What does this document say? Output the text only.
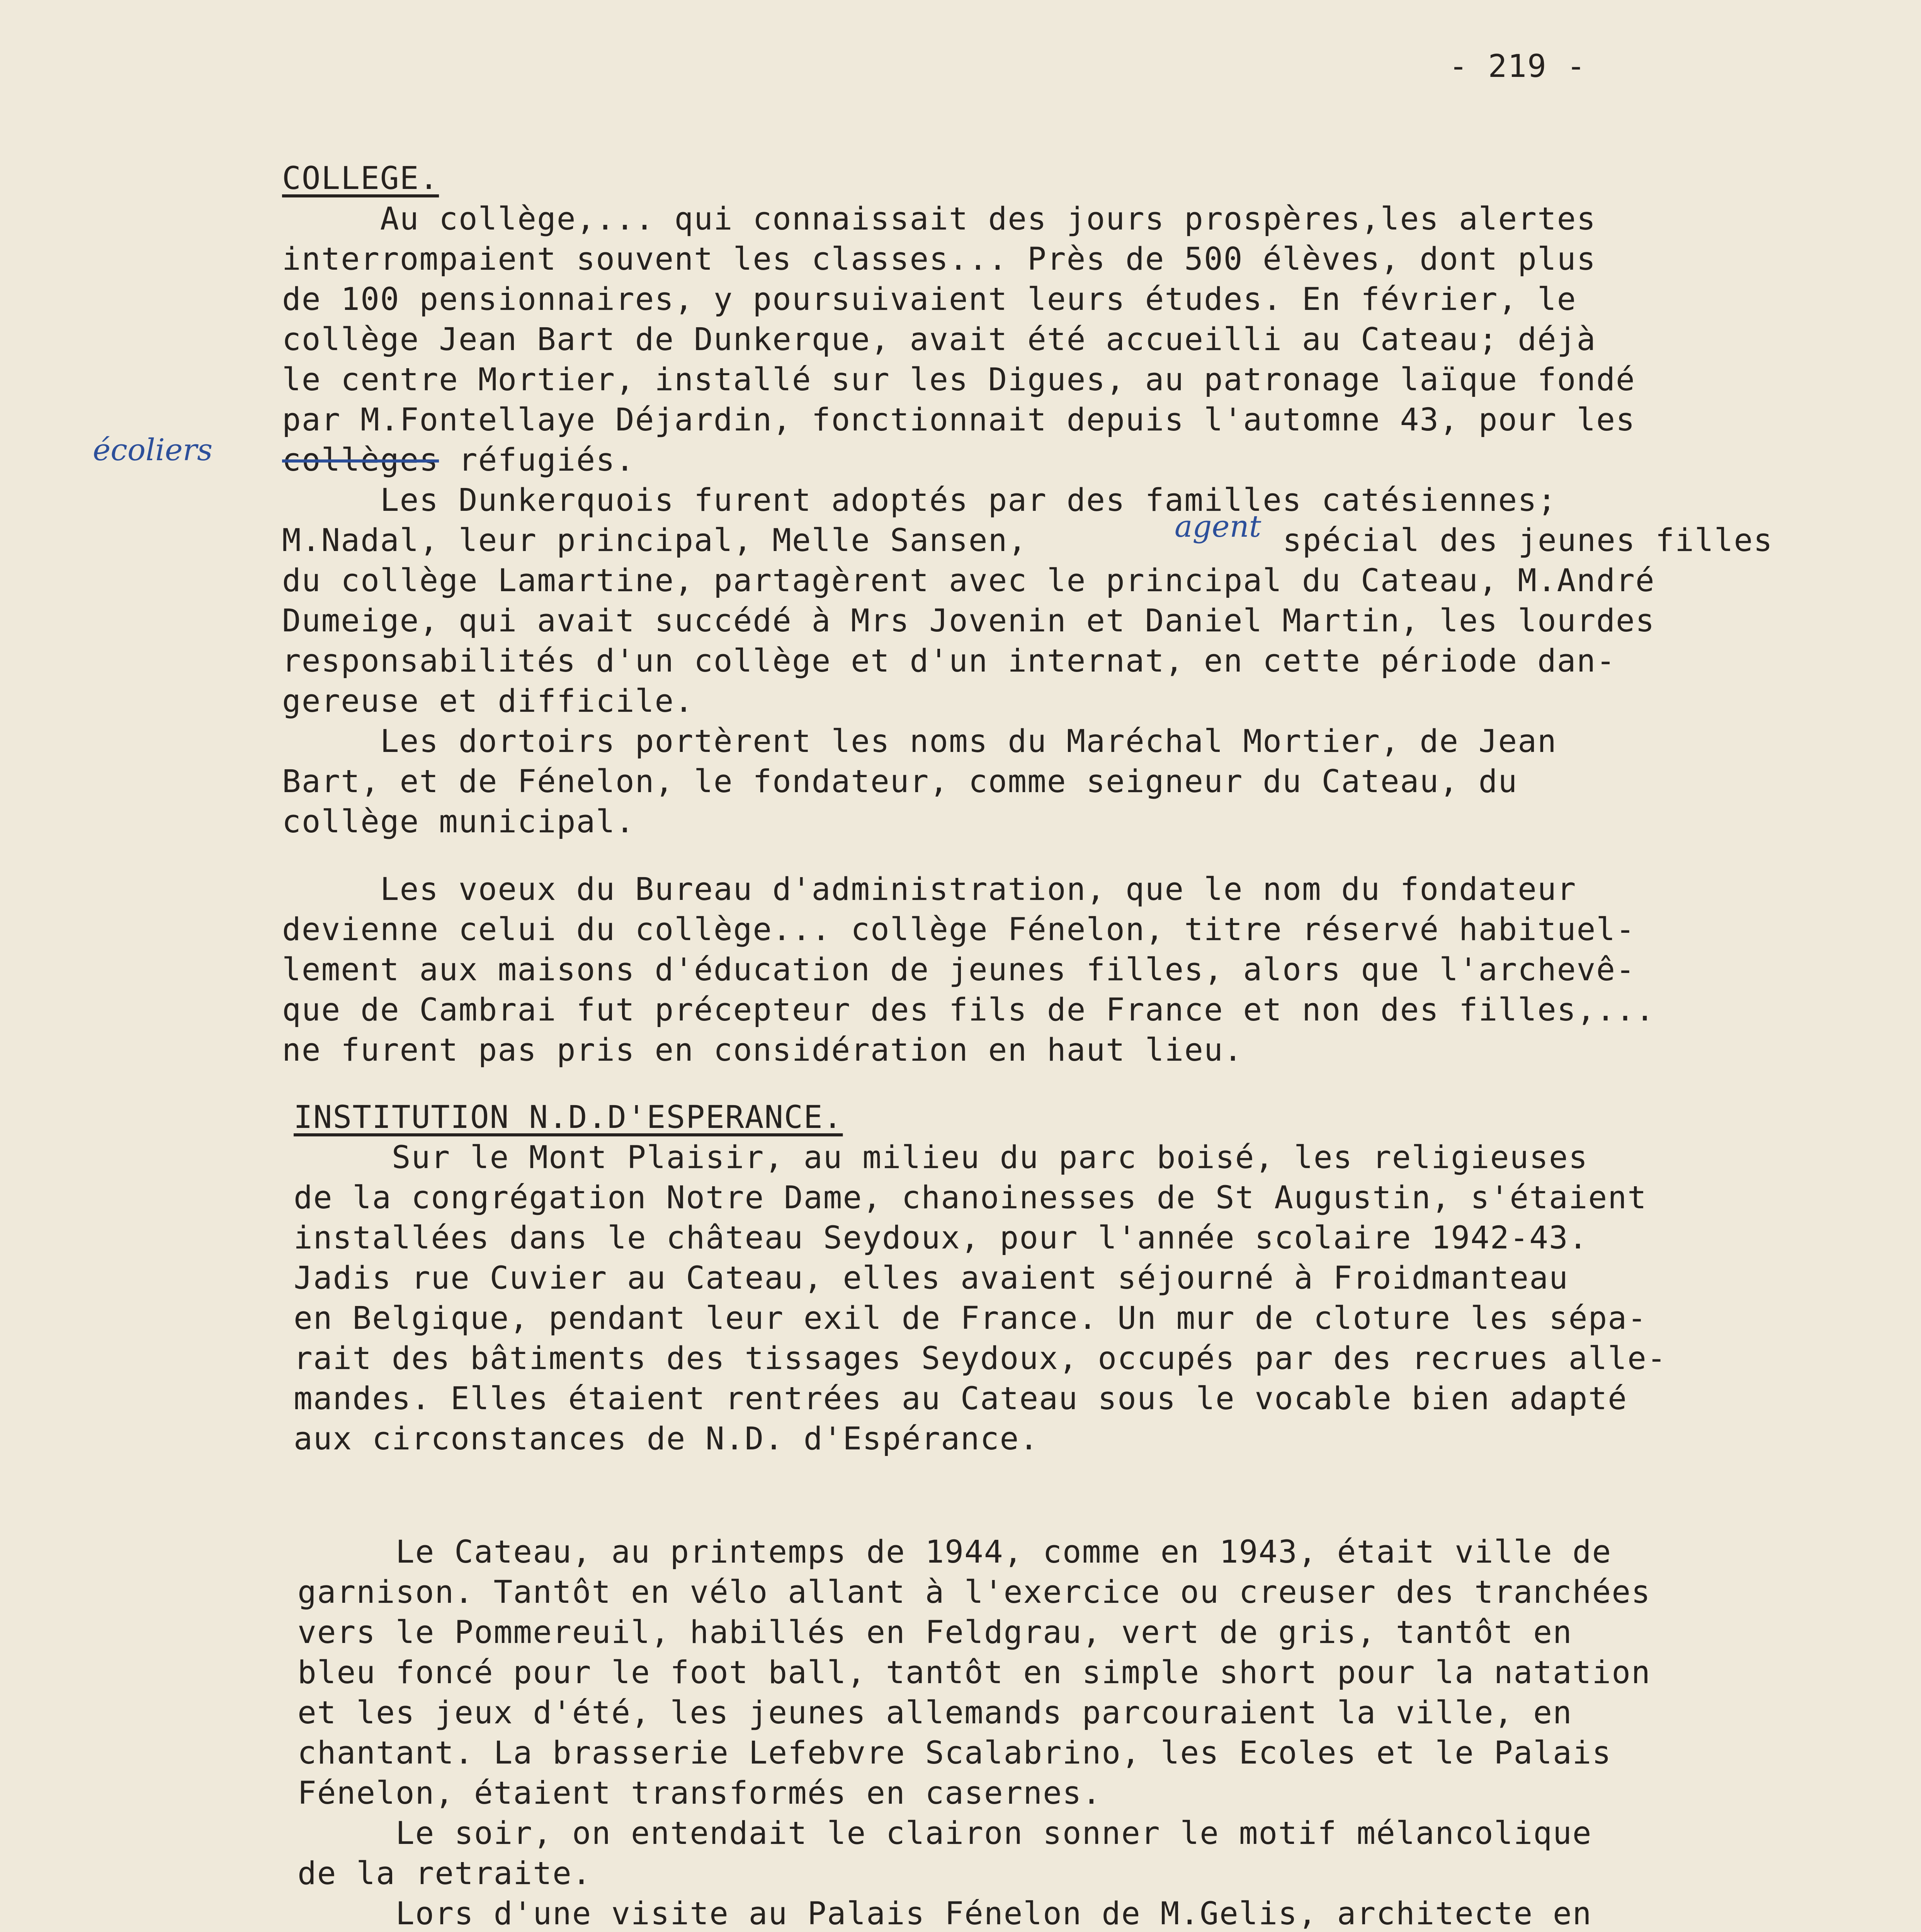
- 219 -

COLLEGE.

Au collège,... qui connaissait des jours prospères,les alertes

interrompaient souvent les classes... Près de 500 élèves, dont plus

de 100 pensionnaires, y poursuivaient leurs études. En février, le

collège Jean Bart de Dunkerque, avait été accueilli au Cateau; déjà

le centre Mortier, installé sur les Digues, au patronage laïque fondé

par M.Fontellaye Déjardin, fonctionnait depuis l'automne 43, pour les

écoliers collèges réfugiés.

Les Dunkerquois furent adoptés par des familles catésiennes;

M.Nadal, leur principal, Melle Sansen,	agent spécial des jeunes filles

du collège Lamartine, partagèrent avec le principal du Cateau, M.André

Dumeige, qui avait succédé à Mrs Jovenin et Daniel Martin, les lourdes

responsabilités d'un collège et d'un internat, en cette période dan-

gereuse et difficile.

Les dortoirs portèrent les noms du Maréchal Mortier, de Jean

Bart, et de Fénelon, le fondateur, comme seigneur du Cateau, du

collège municipal.

Les voeux du Bureau d'administration, que le nom du fondateur

devienne celui du collège... collège Fénelon, titre réservé habituel-

lement aux maisons d'éducation de jeunes filles, alors que l'archevê-

que de Cambrai fut précepteur des fils de France et non des filles,...

ne furent pas pris en considération en haut lieu.

INSTITUTION N.D.D'ESPERANCE.

Sur le Mont Plaisir, au milieu du parc boisé, les religieuses

de la congrégation Notre Dame, chanoinesses de St Augustin, s'étaient

installées dans le château Seydoux, pour l'année scolaire 1942-43.

Jadis rue Cuvier au Cateau, elles avaient séjourné à Froidmanteau

en Belgique, pendant leur exil de France. Un mur de cloture les sépa-

rait des bâtiments des tissages Seydoux, occupés par des recrues alle-

mandes. Elles étaient rentrées au Cateau sous le vocable bien adapté

aux circonstances de N.D. d'Espérance.

Le Cateau, au printemps de 1944, comme en 1943, était ville de

garnison. Tantôt en vélo allant à l'exercice ou creuser des tranchées

vers le Pommereuil, habillés en Feldgrau, vert de gris, tantôt en

bleu foncé pour le foot ball, tantôt en simple short pour la natation

et les jeux d'été, les jeunes allemands parcouraient la ville, en

chantant. La brasserie Lefebvre Scalabrino, les Ecoles et le Palais

Fénelon, étaient transformés en casernes.

Le soir, on entendait le clairon sonner le motif mélancolique

de la retraite.

Lors d'une visite au Palais Fénelon de M.Gelis, architecte en
